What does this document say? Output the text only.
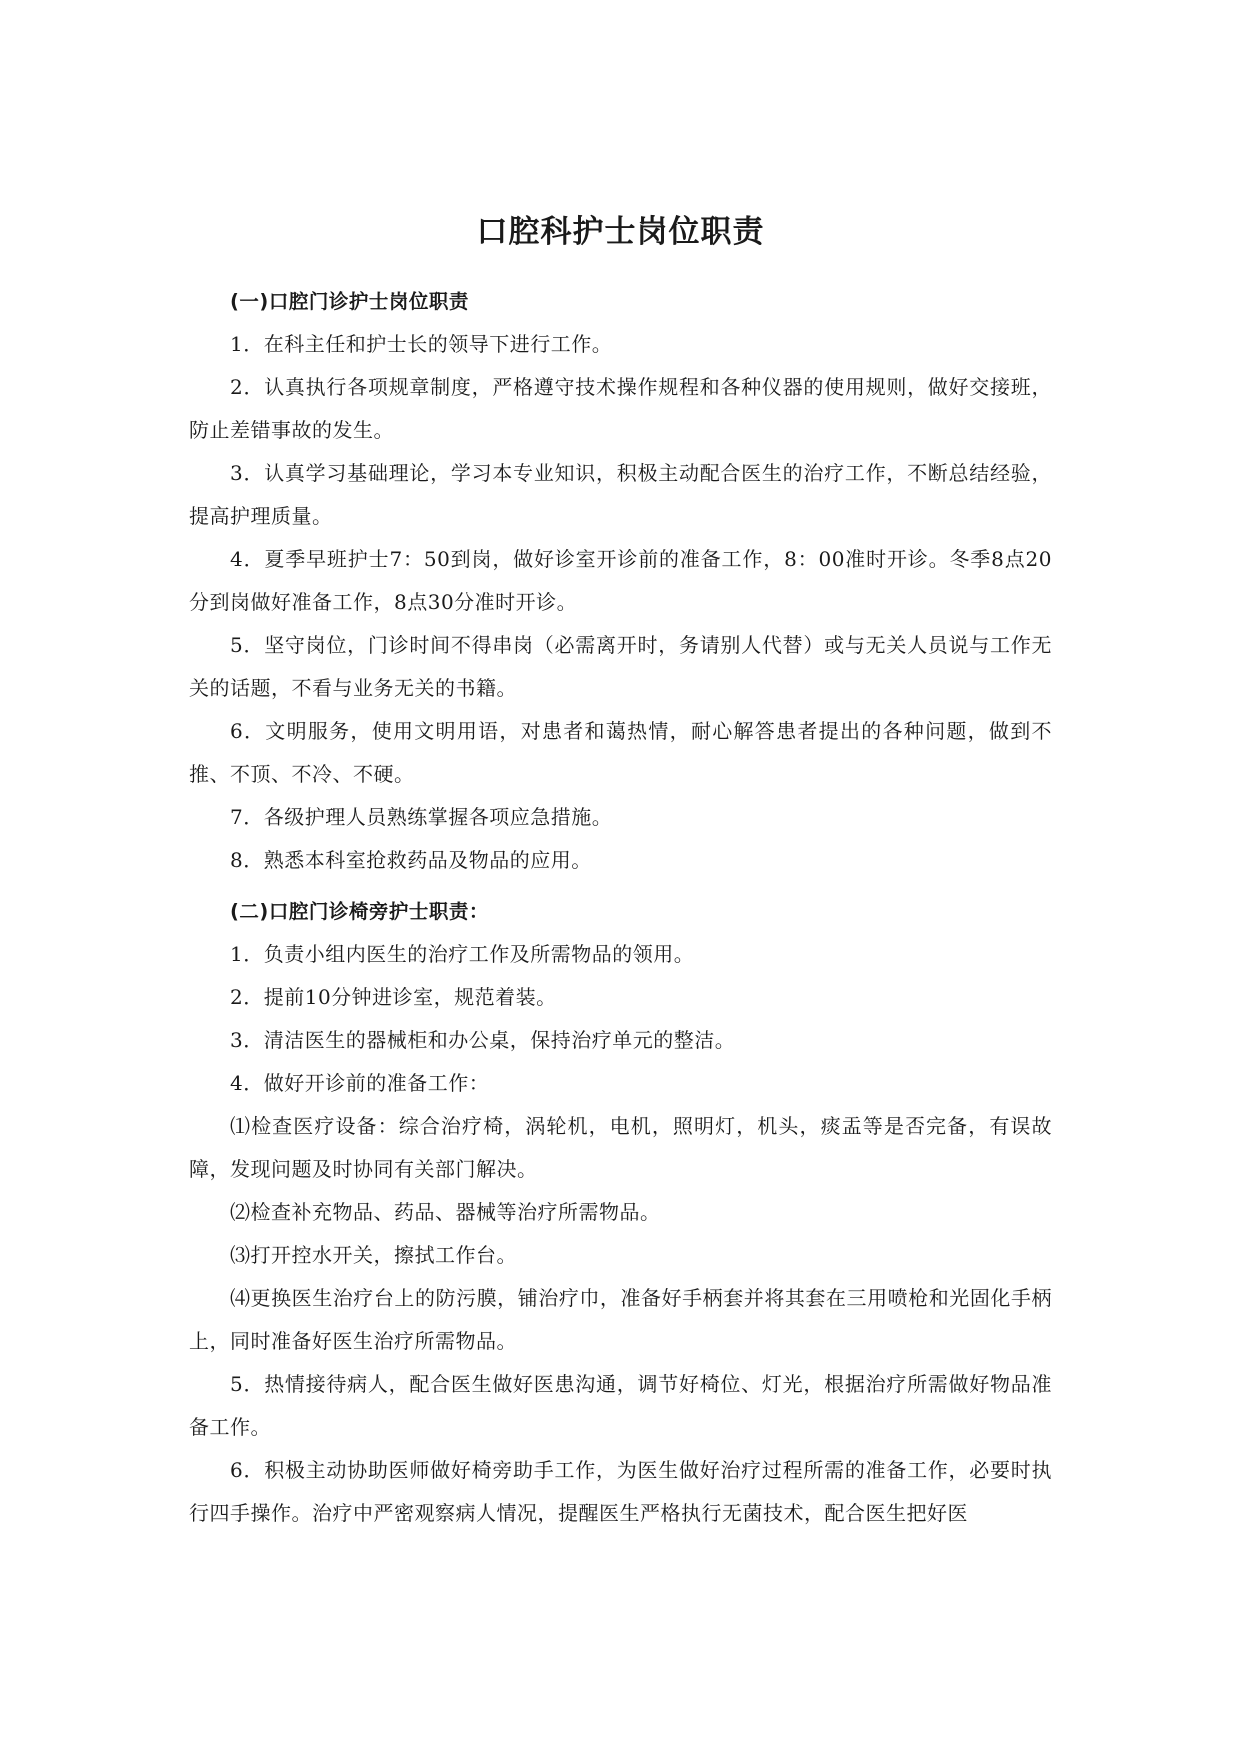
口腔科护士岗位职责

(一)口腔门诊护士岗位职责

1．在科主任和护士长的领导下进行工作。

2．认真执行各项规章制度，严格遵守技术操作规程和各种仪器的使用规则，做好交接班，防止差错事故的发生。

3．认真学习基础理论，学习本专业知识，积极主动配合医生的治疗工作，不断总结经验，提高护理质量。

4．夏季早班护士7：50到岗，做好诊室开诊前的准备工作，8：00准时开诊。冬季8点20分到岗做好准备工作，8点30分准时开诊。

5．坚守岗位，门诊时间不得串岗（必需离开时，务请别人代替）或与无关人员说与工作无关的话题，不看与业务无关的书籍。

6．文明服务，使用文明用语，对患者和蔼热情，耐心解答患者提出的各种问题，做到不推、不顶、不冷、不硬。

7．各级护理人员熟练掌握各项应急措施。

8．熟悉本科室抢救药品及物品的应用。

(二)口腔门诊椅旁护士职责：

1．负责小组内医生的治疗工作及所需物品的领用。

2．提前10分钟进诊室，规范着装。

3．清洁医生的器械柜和办公桌，保持治疗单元的整洁。

4．做好开诊前的准备工作：

⑴检查医疗设备：综合治疗椅，涡轮机，电机，照明灯，机头，痰盂等是否完备，有误故障，发现问题及时协同有关部门解决。

⑵检查补充物品、药品、器械等治疗所需物品。

⑶打开控水开关，擦拭工作台。

⑷更换医生治疗台上的防污膜，铺治疗巾，准备好手柄套并将其套在三用喷枪和光固化手柄上，同时准备好医生治疗所需物品。

5．热情接待病人，配合医生做好医患沟通，调节好椅位、灯光，根据治疗所需做好物品准备工作。

6．积极主动协助医师做好椅旁助手工作，为医生做好治疗过程所需的准备工作，必要时执行四手操作。治疗中严密观察病人情况，提醒医生严格执行无菌技术，配合医生把好医
